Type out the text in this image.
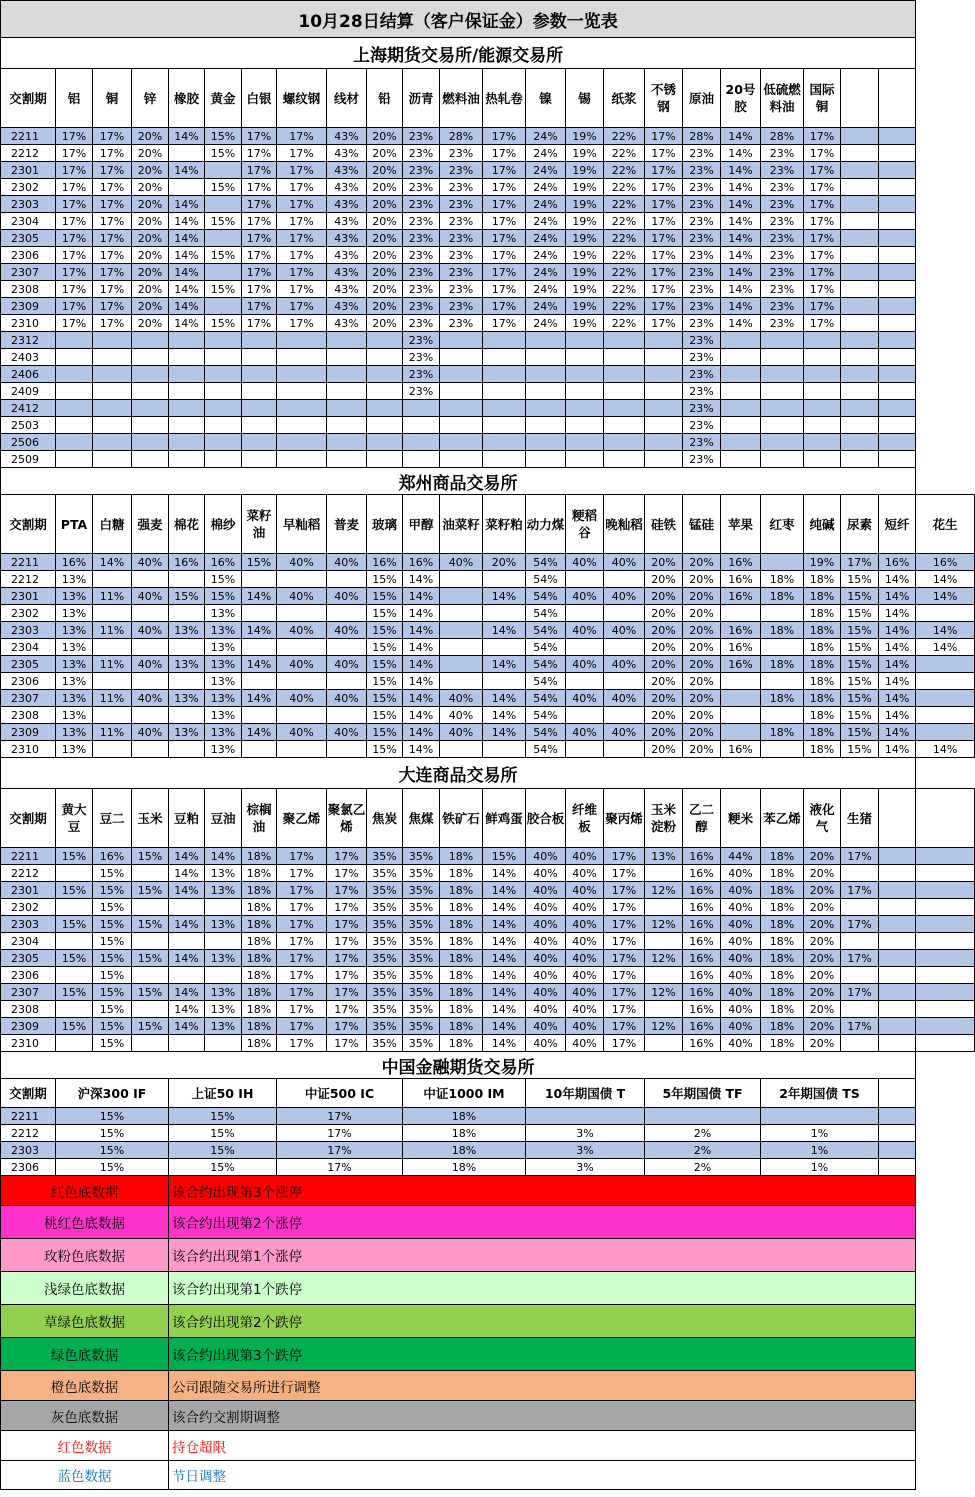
10月28日结算（客户保证金）参数一览表																							
上海期货交易所/能源交易所																							
交割期	铝	铜	锌	橡胶	黄金	白银	螺纹钢	线材	铅	沥青	燃料油	热轧卷	镍	锡	纸浆	不锈钢	原油	20号胶	低硫燃料油	国际铜			
2211	17%	17%	20%	14%	15%	17%	17%	43%	20%	23%	28%	17%	24%	19%	22%	17%	28%	14%	28%	17%			
2212	17%	17%	20%		15%	17%	17%	43%	20%	23%	23%	17%	24%	19%	22%	17%	23%	14%	23%	17%			
2301	17%	17%	20%	14%		17%	17%	43%	20%	23%	23%	17%	24%	19%	22%	17%	23%	14%	23%	17%			
2302	17%	17%	20%		15%	17%	17%	43%	20%	23%	23%	17%	24%	19%	22%	17%	23%	14%	23%	17%			
2303	17%	17%	20%	14%		17%	17%	43%	20%	23%	23%	17%	24%	19%	22%	17%	23%	14%	23%	17%			
2304	17%	17%	20%	14%	15%	17%	17%	43%	20%	23%	23%	17%	24%	19%	22%	17%	23%	14%	23%	17%			
2305	17%	17%	20%	14%		17%	17%	43%	20%	23%	23%	17%	24%	19%	22%	17%	23%	14%	23%	17%			
2306	17%	17%	20%	14%	15%	17%	17%	43%	20%	23%	23%	17%	24%	19%	22%	17%	23%	14%	23%	17%			
2307	17%	17%	20%	14%		17%	17%	43%	20%	23%	23%	17%	24%	19%	22%	17%	23%	14%	23%	17%			
2308	17%	17%	20%	14%	15%	17%	17%	43%	20%	23%	23%	17%	24%	19%	22%	17%	23%	14%	23%	17%			
2309	17%	17%	20%	14%		17%	17%	43%	20%	23%	23%	17%	24%	19%	22%	17%	23%	14%	23%	17%			
2310	17%	17%	20%	14%	15%	17%	17%	43%	20%	23%	23%	17%	24%	19%	22%	17%	23%	14%	23%	17%			
2312										23%							23%						
2403										23%							23%						
2406										23%							23%						
2409										23%							23%						
2412																	23%						
2503																	23%						
2506																	23%						
2509																	23%						
郑州商品交易所																							
交割期	PTA	白糖	强麦	棉花	棉纱	菜籽油	早籼稻	普麦	玻璃	甲醇	油菜籽	菜籽粕	动力煤	粳稻谷	晚籼稻	硅铁	锰硅	苹果	红枣	纯碱	尿素	短纤	花生
2211	16%	14%	40%	16%	16%	15%	40%	40%	16%	16%	40%	20%	54%	40%	40%	20%	20%	16%		19%	17%	16%	16%
2212	13%				15%				15%	14%			54%			20%	20%	16%	18%	18%	15%	14%	14%
2301	13%	11%	40%	15%	15%	14%	40%	40%	15%	14%		14%	54%	40%	40%	20%	20%	16%	18%	18%	15%	14%	14%
2302	13%				13%				15%	14%			54%			20%	20%			18%	15%	14%	
2303	13%	11%	40%	13%	13%	14%	40%	40%	15%	14%		14%	54%	40%	40%	20%	20%	16%	18%	18%	15%	14%	14%
2304	13%				13%				15%	14%			54%			20%	20%	16%		18%	15%	14%	14%
2305	13%	11%	40%	13%	13%	14%	40%	40%	15%	14%		14%	54%	40%	40%	20%	20%	16%	18%	18%	15%	14%	
2306	13%				13%				15%	14%			54%			20%	20%			18%	15%	14%	
2307	13%	11%	40%	13%	13%	14%	40%	40%	15%	14%	40%	14%	54%	40%	40%	20%	20%		18%	18%	15%	14%	
2308	13%				13%				15%	14%	40%	14%	54%			20%	20%			18%	15%	14%	
2309	13%	11%	40%	13%	13%	14%	40%	40%	15%	14%	40%	14%	54%	40%	40%	20%	20%		18%	18%	15%	14%	
2310	13%				13%				15%	14%			54%			20%	20%	16%		18%	15%	14%	14%
大连商品交易所																							
交割期	黄大豆	豆二	玉米	豆粕	豆油	棕榈油	聚乙烯	聚氯乙烯	焦炭	焦煤	铁矿石	鲜鸡蛋	胶合板	纤维板	聚丙烯	玉米淀粉	乙二醇	粳米	苯乙烯	液化气	生猪		
2211	15%	16%	15%	14%	14%	18%	17%	17%	35%	35%	18%	15%	40%	40%	17%	13%	16%	44%	18%	20%	17%		
2212		15%		14%	13%	18%	17%	17%	35%	35%	18%	14%	40%	40%	17%		16%	40%	18%	20%			
2301	15%	15%	15%	14%	13%	18%	17%	17%	35%	35%	18%	14%	40%	40%	17%	12%	16%	40%	18%	20%	17%		
2302		15%				18%	17%	17%	35%	35%	18%	14%	40%	40%	17%		16%	40%	18%	20%			
2303	15%	15%	15%	14%	13%	18%	17%	17%	35%	35%	18%	14%	40%	40%	17%	12%	16%	40%	18%	20%	17%		
2304		15%				18%	17%	17%	35%	35%	18%	14%	40%	40%	17%		16%	40%	18%	20%			
2305	15%	15%	15%	14%	13%	18%	17%	17%	35%	35%	18%	14%	40%	40%	17%	12%	16%	40%	18%	20%	17%		
2306		15%				18%	17%	17%	35%	35%	18%	14%	40%	40%	17%		16%	40%	18%	20%			
2307	15%	15%	15%	14%	13%	18%	17%	17%	35%	35%	18%	14%	40%	40%	17%	12%	16%	40%	18%	20%	17%		
2308		15%		14%	13%	18%	17%	17%	35%	35%	18%	14%	40%	40%	17%		16%	40%	18%	20%			
2309	15%	15%	15%	14%	13%	18%	17%	17%	35%	35%	18%	14%	40%	40%	17%	12%	16%	40%	18%	20%	17%		
2310		15%				18%	17%	17%	35%	35%	18%	14%	40%	40%	17%		16%	40%	18%	20%			
中国金融期货交易所																							
交割期	沪深300 IF			上证50 IH			中证500 IC			中证1000 IM			10年期国债 T			5年期国债 TF			2年期国债 TS				
2211	15%			15%			17%			18%													
2212	15%			15%			17%			18%			3%			2%			1%				
2303	15%			15%			17%			18%			3%			2%			1%				
2306	15%			15%			17%			18%			3%			2%			1%				
红色底数据				该合约出现第3个涨停																			
桃红色底数据				该合约出现第2个涨停																			
玫粉色底数据				该合约出现第1个涨停																			
浅绿色底数据				该合约出现第1个跌停																			
草绿色底数据				该合约出现第2个跌停																			
绿色底数据				该合约出现第3个跌停																			
橙色底数据				公司跟随交易所进行调整																			
灰色底数据				该合约交割期调整																			
红色数据				持仓超限																			
蓝色数据				节日调整																			
